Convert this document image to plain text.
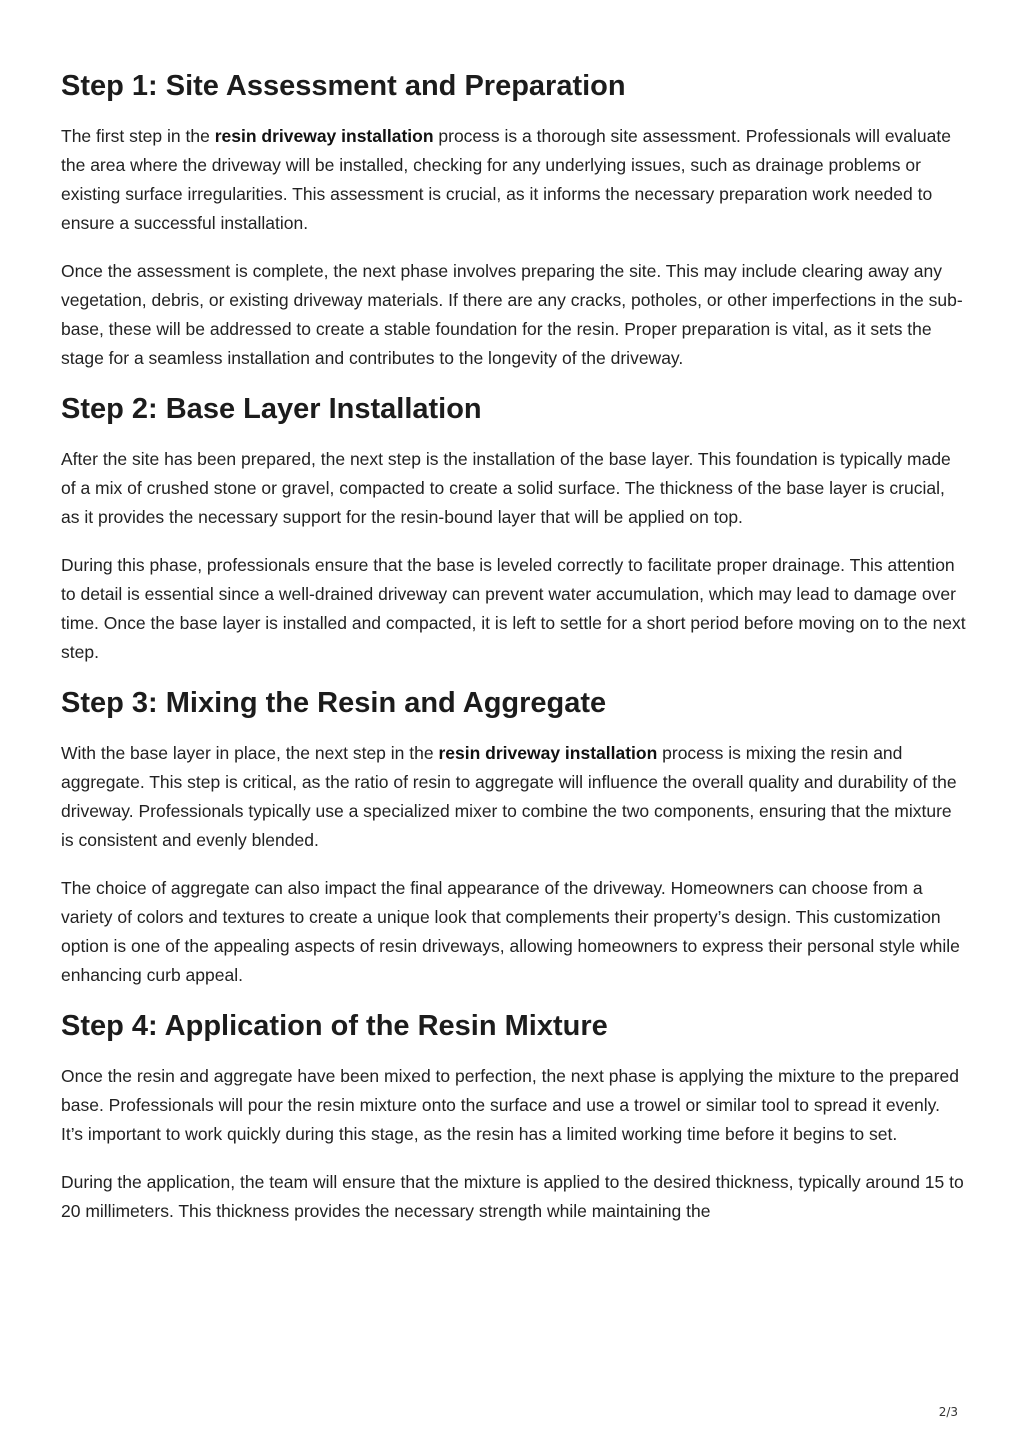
Step 1: Site Assessment and Preparation

The first step in the resin driveway installation process is a thorough site assessment. Professionals will evaluate the area where the driveway will be installed, checking for any underlying issues, such as drainage problems or existing surface irregularities. This assessment is crucial, as it informs the necessary preparation work needed to ensure a successful installation.

Once the assessment is complete, the next phase involves preparing the site. This may include clearing away any vegetation, debris, or existing driveway materials. If there are any cracks, potholes, or other imperfections in the sub-base, these will be addressed to create a stable foundation for the resin. Proper preparation is vital, as it sets the stage for a seamless installation and contributes to the longevity of the driveway.

Step 2: Base Layer Installation

After the site has been prepared, the next step is the installation of the base layer. This foundation is typically made of a mix of crushed stone or gravel, compacted to create a solid surface. The thickness of the base layer is crucial, as it provides the necessary support for the resin-bound layer that will be applied on top.

During this phase, professionals ensure that the base is leveled correctly to facilitate proper drainage. This attention to detail is essential since a well-drained driveway can prevent water accumulation, which may lead to damage over time. Once the base layer is installed and compacted, it is left to settle for a short period before moving on to the next step.

Step 3: Mixing the Resin and Aggregate

With the base layer in place, the next step in the resin driveway installation process is mixing the resin and aggregate. This step is critical, as the ratio of resin to aggregate will influence the overall quality and durability of the driveway. Professionals typically use a specialized mixer to combine the two components, ensuring that the mixture is consistent and evenly blended.

The choice of aggregate can also impact the final appearance of the driveway. Homeowners can choose from a variety of colors and textures to create a unique look that complements their property’s design. This customization option is one of the appealing aspects of resin driveways, allowing homeowners to express their personal style while enhancing curb appeal.

Step 4: Application of the Resin Mixture

Once the resin and aggregate have been mixed to perfection, the next phase is applying the mixture to the prepared base. Professionals will pour the resin mixture onto the surface and use a trowel or similar tool to spread it evenly. It’s important to work quickly during this stage, as the resin has a limited working time before it begins to set.

During the application, the team will ensure that the mixture is applied to the desired thickness, typically around 15 to 20 millimeters. This thickness provides the necessary strength while maintaining the

2/3
